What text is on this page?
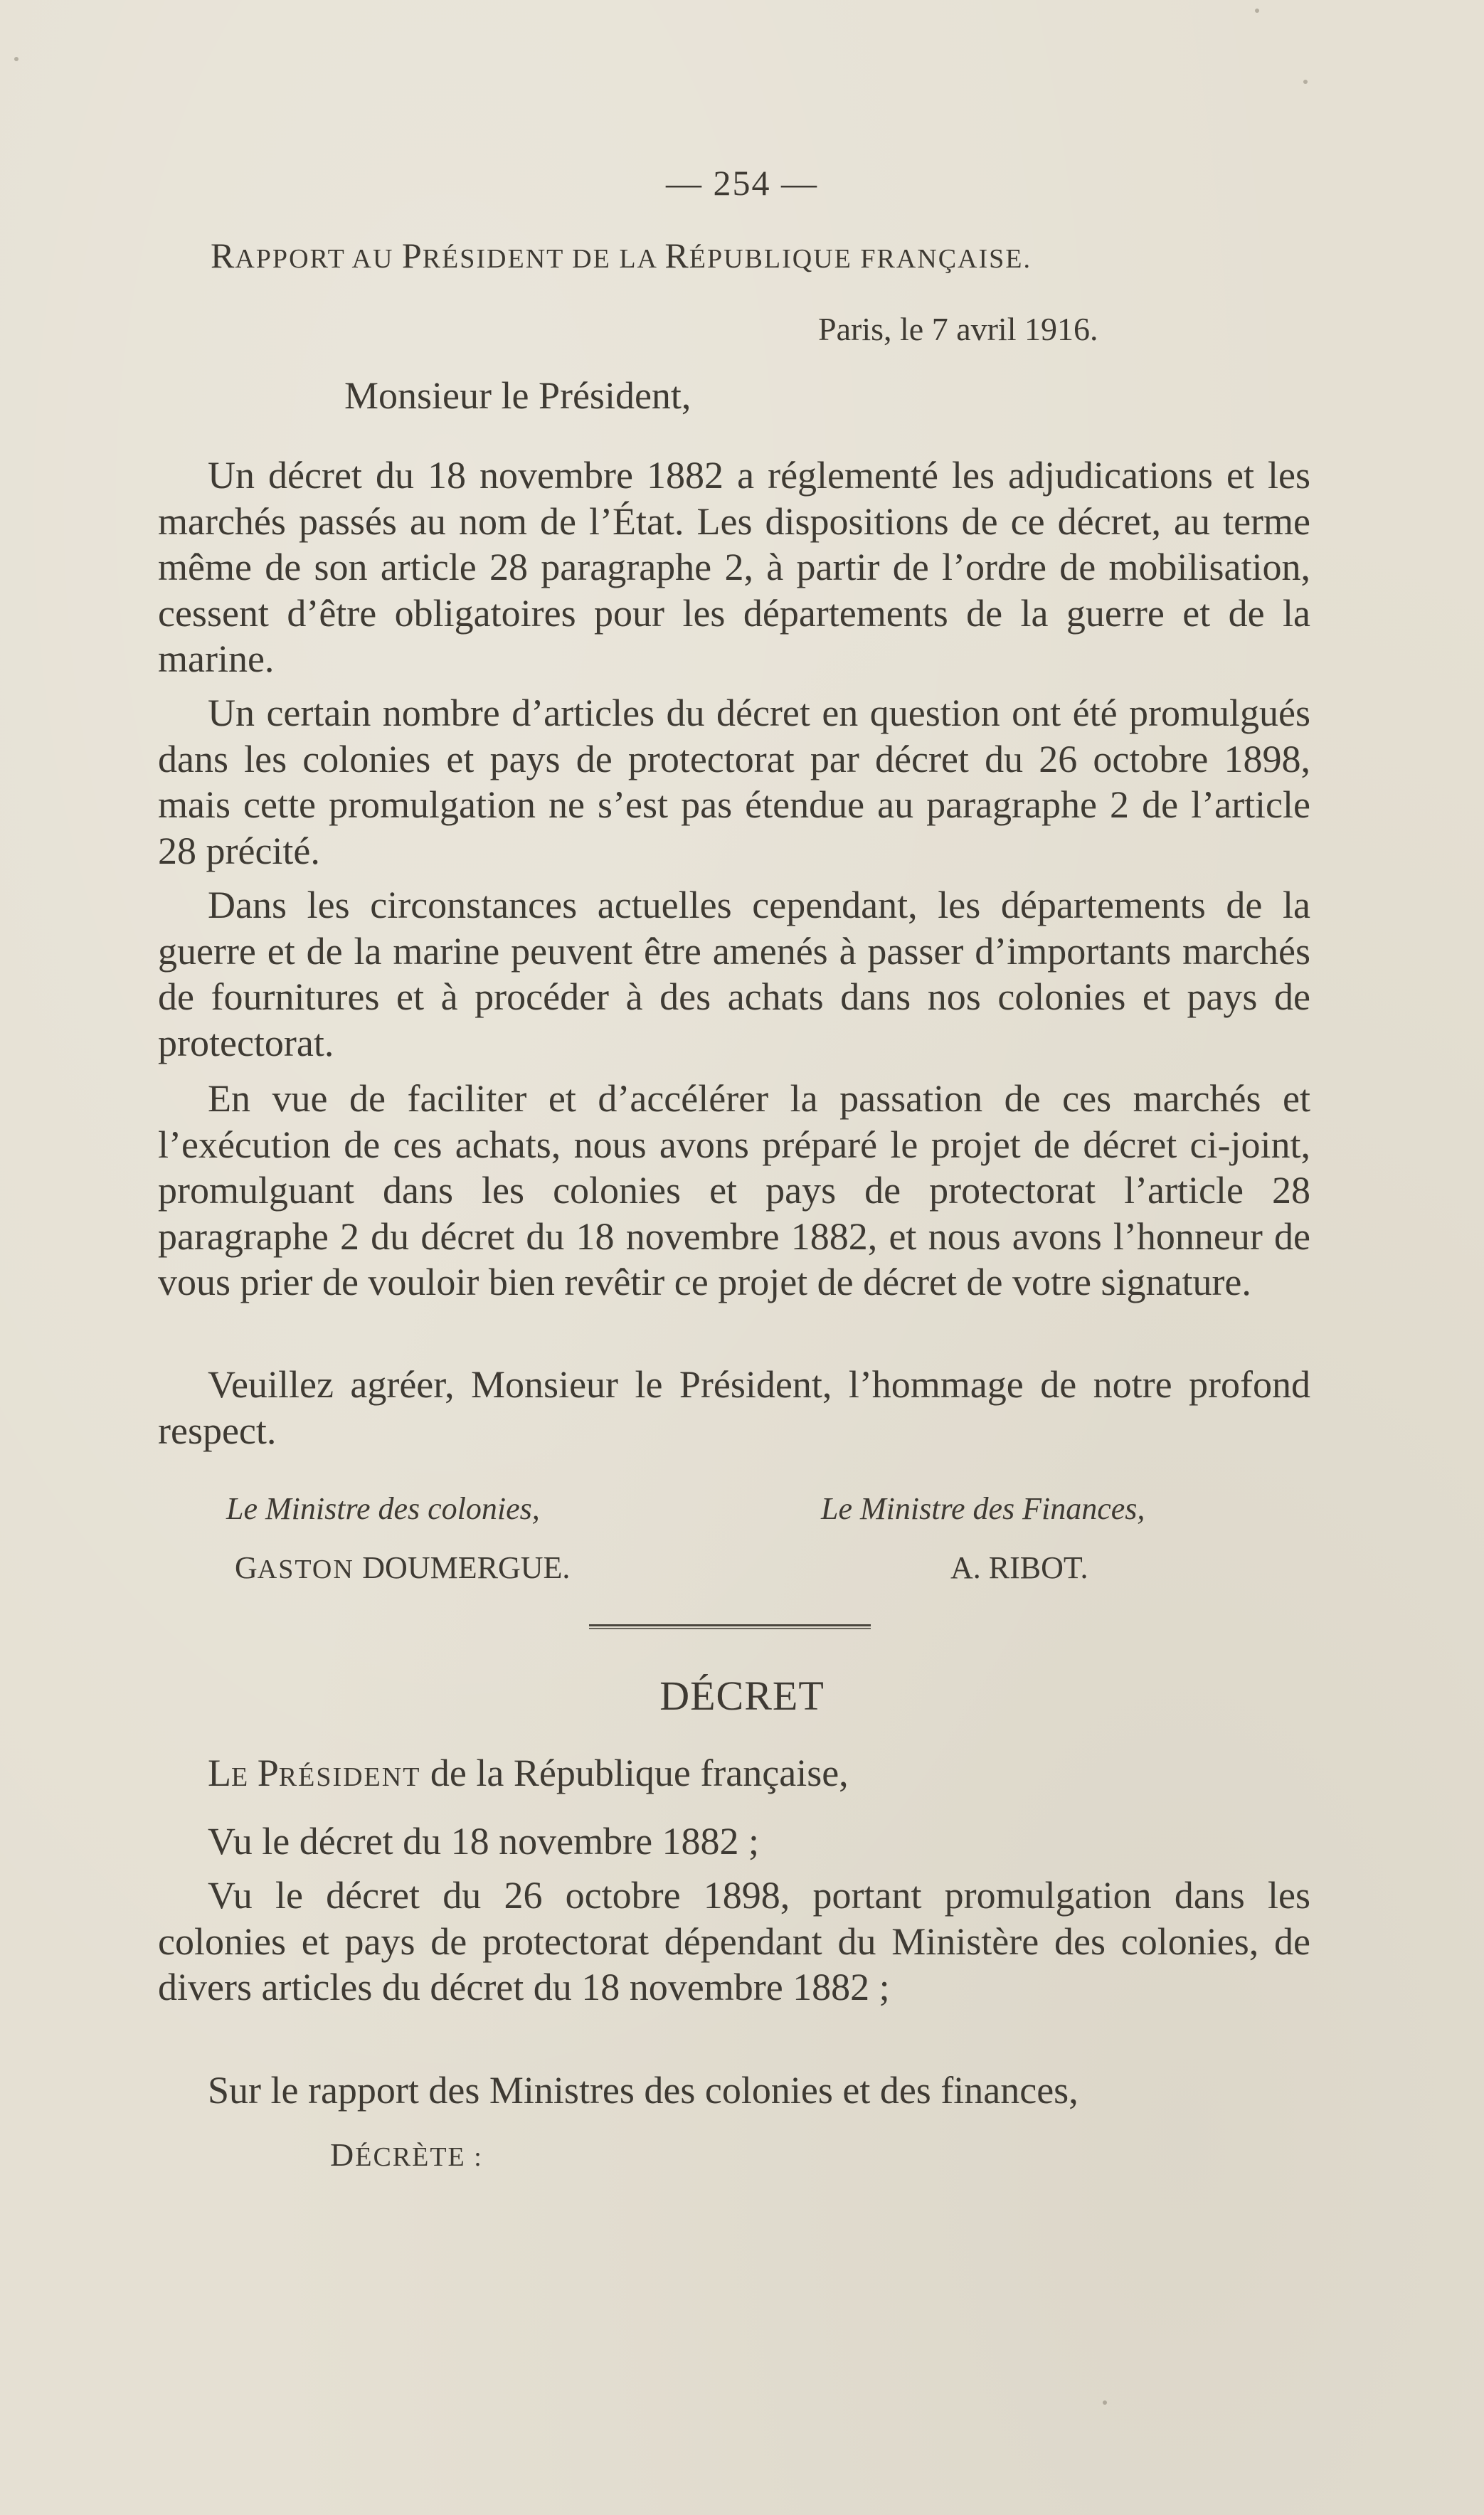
— 254 —
RAPPORT AU PRÉSIDENT DE LA RÉPUBLIQUE FRANÇAISE.
Paris, le 7 avril 1916.
Monsieur le Président,

Un décret du 18 novembre 1882 a réglementé les adjudications et les marchés passés au nom de l’État. Les dispositions de ce décret, au terme même de son article 28 paragraphe 2, à partir de l’ordre de mobilisation, cessent d’être obligatoires pour les départements de la guerre et de la marine.

Un certain nombre d’articles du décret en question ont été promulgués dans les colonies et pays de protectorat par décret du 26 octobre 1898, mais cette promulgation ne s’est pas étendue au paragraphe 2 de l’article 28 précité.

Dans les circonstances actuelles cependant, les départements de la guerre et de la marine peuvent être amenés à passer d’importants marchés de fournitures et à procéder à des achats dans nos colonies et pays de protectorat.

En vue de faciliter et d’accélérer la passation de ces marchés et l’exécution de ces achats, nous avons préparé le projet de décret ci-joint, promulguant dans les colonies et pays de protectorat l’article 28 paragraphe 2 du décret du 18 novembre 1882, et nous avons l’honneur de vous prier de vouloir bien revêtir ce projet de décret de votre signature.

Veuillez agréer, Monsieur le Président, l’hommage de notre profond respect.

Le Ministre des colonies,
GASTON DOUMERGUE.
Le Ministre des Finances,
A. RIBOT.
DÉCRET

LE PRÉSIDENT de la République française,

Vu le décret du 18 novembre 1882 ;

Vu le décret du 26 octobre 1898, portant promulgation dans les colonies et pays de protectorat dépendant du Ministère des colonies, de divers articles du décret du 18 novembre 1882 ;

Sur le rapport des Ministres des colonies et des finances,

DÉCRÈTE :
